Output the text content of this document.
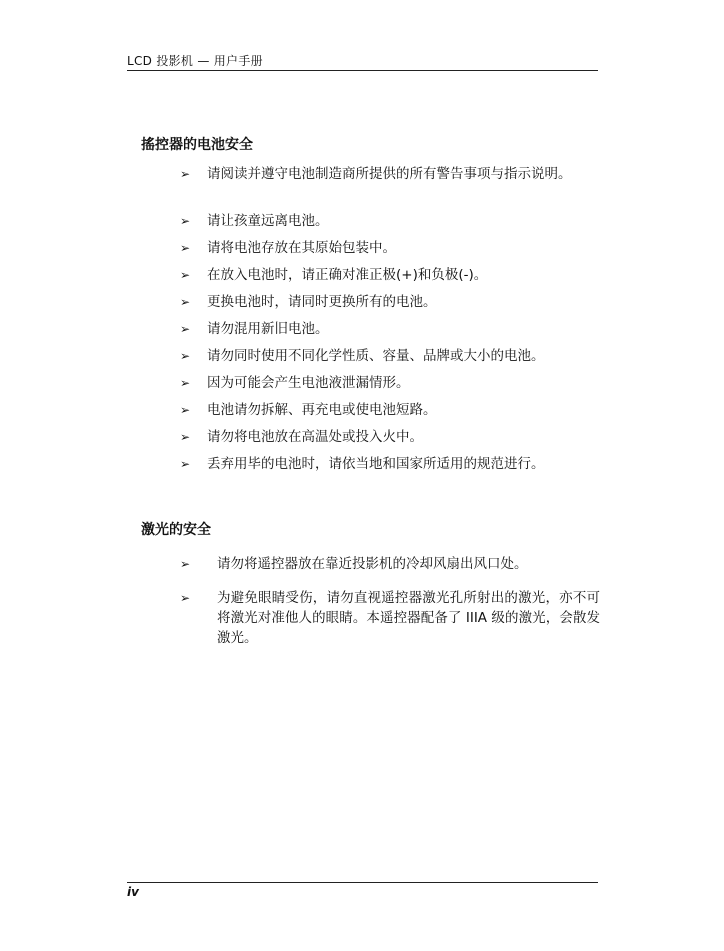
LCD 投影机 — 用户手册
搖控器的电池安全
➢ 请阅读并遵守电池制造商所提供的所有警告事项与指示说明。
➢ 请让孩童远离电池。
➢ 请将电池存放在其原始包装中。
➢ 在放入电池时，请正确对准正极(+)和负极(-)。
➢ 更换电池时，请同时更换所有的电池。
➢ 请勿混用新旧电池。
➢ 请勿同时使用不同化学性质、容量、品牌或大小的电池。
➢ 因为可能会产生电池液泄漏情形。
➢ 电池请勿拆解、再充电或使电池短路。
➢ 请勿将电池放在高温处或投入火中。
➢ 丢弃用毕的电池时，请依当地和国家所适用的规范进行。
激光的安全
➢ 请勿将遥控器放在靠近投影机的冷却风扇出风口处。
➢ 为避免眼睛受伤，请勿直视遥控器激光孔所射出的激光，亦不可将激光对准他人的眼睛。本遥控器配备了 IIIA 级的激光，会散发激光。
iv
